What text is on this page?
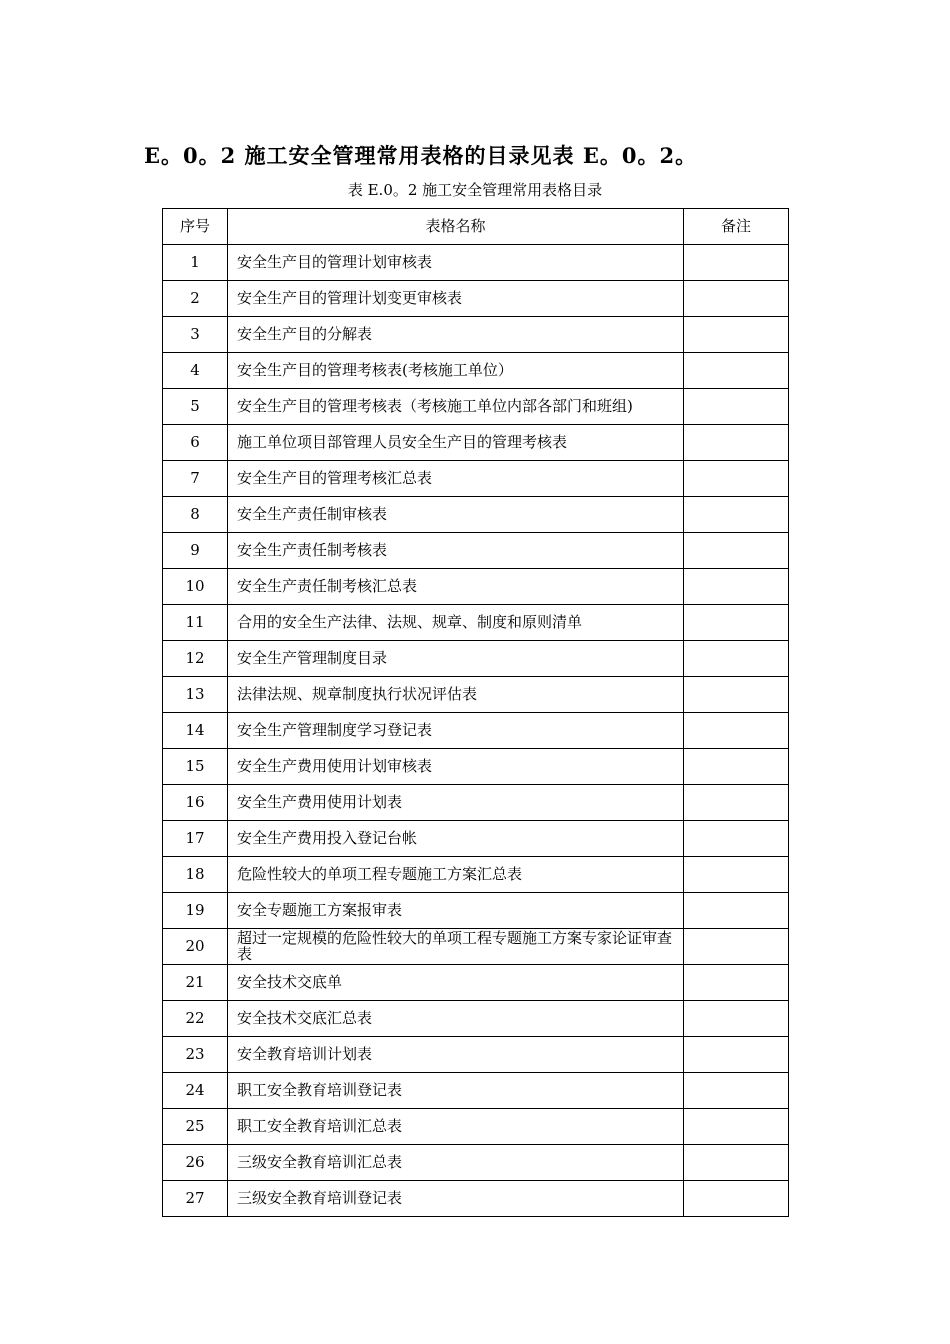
E。0。2 施工安全管理常用表格的目录见表 E。0。2。
表 E.0。2 施工安全管理常用表格目录
序号	表格名称	备注
1	安全生产目的管理计划审核表	
2	安全生产目的管理计划变更审核表	
3	安全生产目的分解表	
4	安全生产目的管理考核表(考核施工单位）	
5	安全生产目的管理考核表（考核施工单位内部各部门和班组)	
6	施工单位项目部管理人员安全生产目的管理考核表	
7	安全生产目的管理考核汇总表	
8	安全生产责任制审核表	
9	安全生产责任制考核表	
10	安全生产责任制考核汇总表	
11	合用的安全生产法律、法规、规章、制度和原则清单	
12	安全生产管理制度目录	
13	法律法规、规章制度执行状况评估表	
14	安全生产管理制度学习登记表	
15	安全生产费用使用计划审核表	
16	安全生产费用使用计划表	
17	安全生产费用投入登记台帐	
18	危险性较大的单项工程专题施工方案汇总表	
19	安全专题施工方案报审表	
20	超过一定规模的危险性较大的单项工程专题施工方案专家论证审查表	
21	安全技术交底单	
22	安全技术交底汇总表	
23	安全教育培训计划表	
24	职工安全教育培训登记表	
25	职工安全教育培训汇总表	
26	三级安全教育培训汇总表	
27	三级安全教育培训登记表	
